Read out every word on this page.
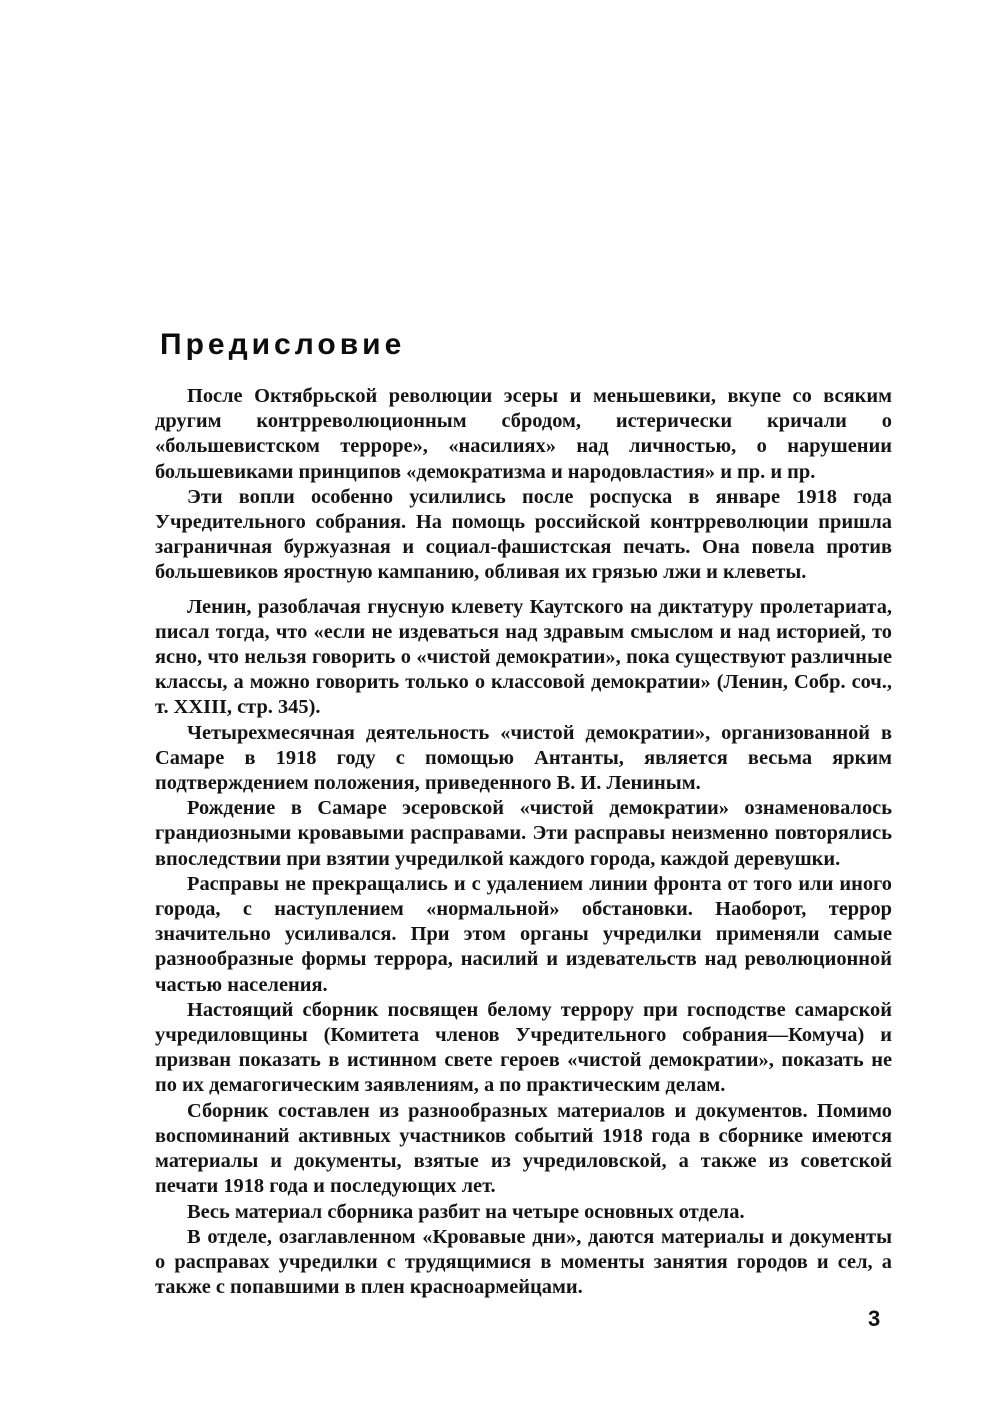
Предисловие

После Октябрьской революции эсеры и меньшевики, вкупе со всяким другим контрреволюционным сбродом, истерически кричали о «большевистском терроре», «насилиях» над личностью, о нарушении большевиками принципов «демократизма и народовластия» и пр. и пр.

Эти вопли особенно усилились после роспуска в январе 1918 года Учредительного собрания. На помощь российской контрреволюции пришла заграничная буржуазная и социал-фашистская печать. Она повела против большевиков яростную кампанию, обливая их грязью лжи и клеветы.

Ленин, разоблачая гнусную клевету Каутского на диктатуру пролетариата, писал тогда, что «если не издеваться над здравым смыслом и над историей, то ясно, что нельзя говорить о «чистой демократии», пока существуют различные классы, а можно говорить только о классовой демократии» (Ленин, Собр. соч., т. XXIII, стр. 345).

Четырехмесячная деятельность «чистой демократии», организованной в Самаре в 1918 году с помощью Антанты, является весьма ярким подтверждением положения, приведенного В. И. Лениным.

Рождение в Самаре эсеровской «чистой демократии» ознаменовалось грандиозными кровавыми расправами. Эти расправы неизменно повторялись впоследствии при взятии учредилкой каждого города, каждой деревушки.

Расправы не прекращались и с удалением линии фронта от того или иного города, с наступлением «нормальной» обстановки. Наоборот, террор значительно усиливался. При этом органы учредилки применяли самые разнообразные формы террора, насилий и издевательств над революционной частью населения.

Настоящий сборник посвящен белому террору при господстве самарской учредиловщины (Комитета членов Учредительного собрания—Комуча) и призван показать в истинном свете героев «чистой демократии», показать не по их демагогическим заявлениям, а по практическим делам.

Сборник составлен из разнообразных материалов и документов. Помимо воспоминаний активных участников событий 1918 года в сборнике имеются материалы и документы, взятые из учредиловской, а также из советской печати 1918 года и последующих лет.

Весь материал сборника разбит на четыре основных отдела.

В отделе, озаглавленном «Кровавые дни», даются материалы и документы о расправах учредилки с трудящимися в моменты занятия городов и сел, а также с попавшими в плен красноармейцами.

3
